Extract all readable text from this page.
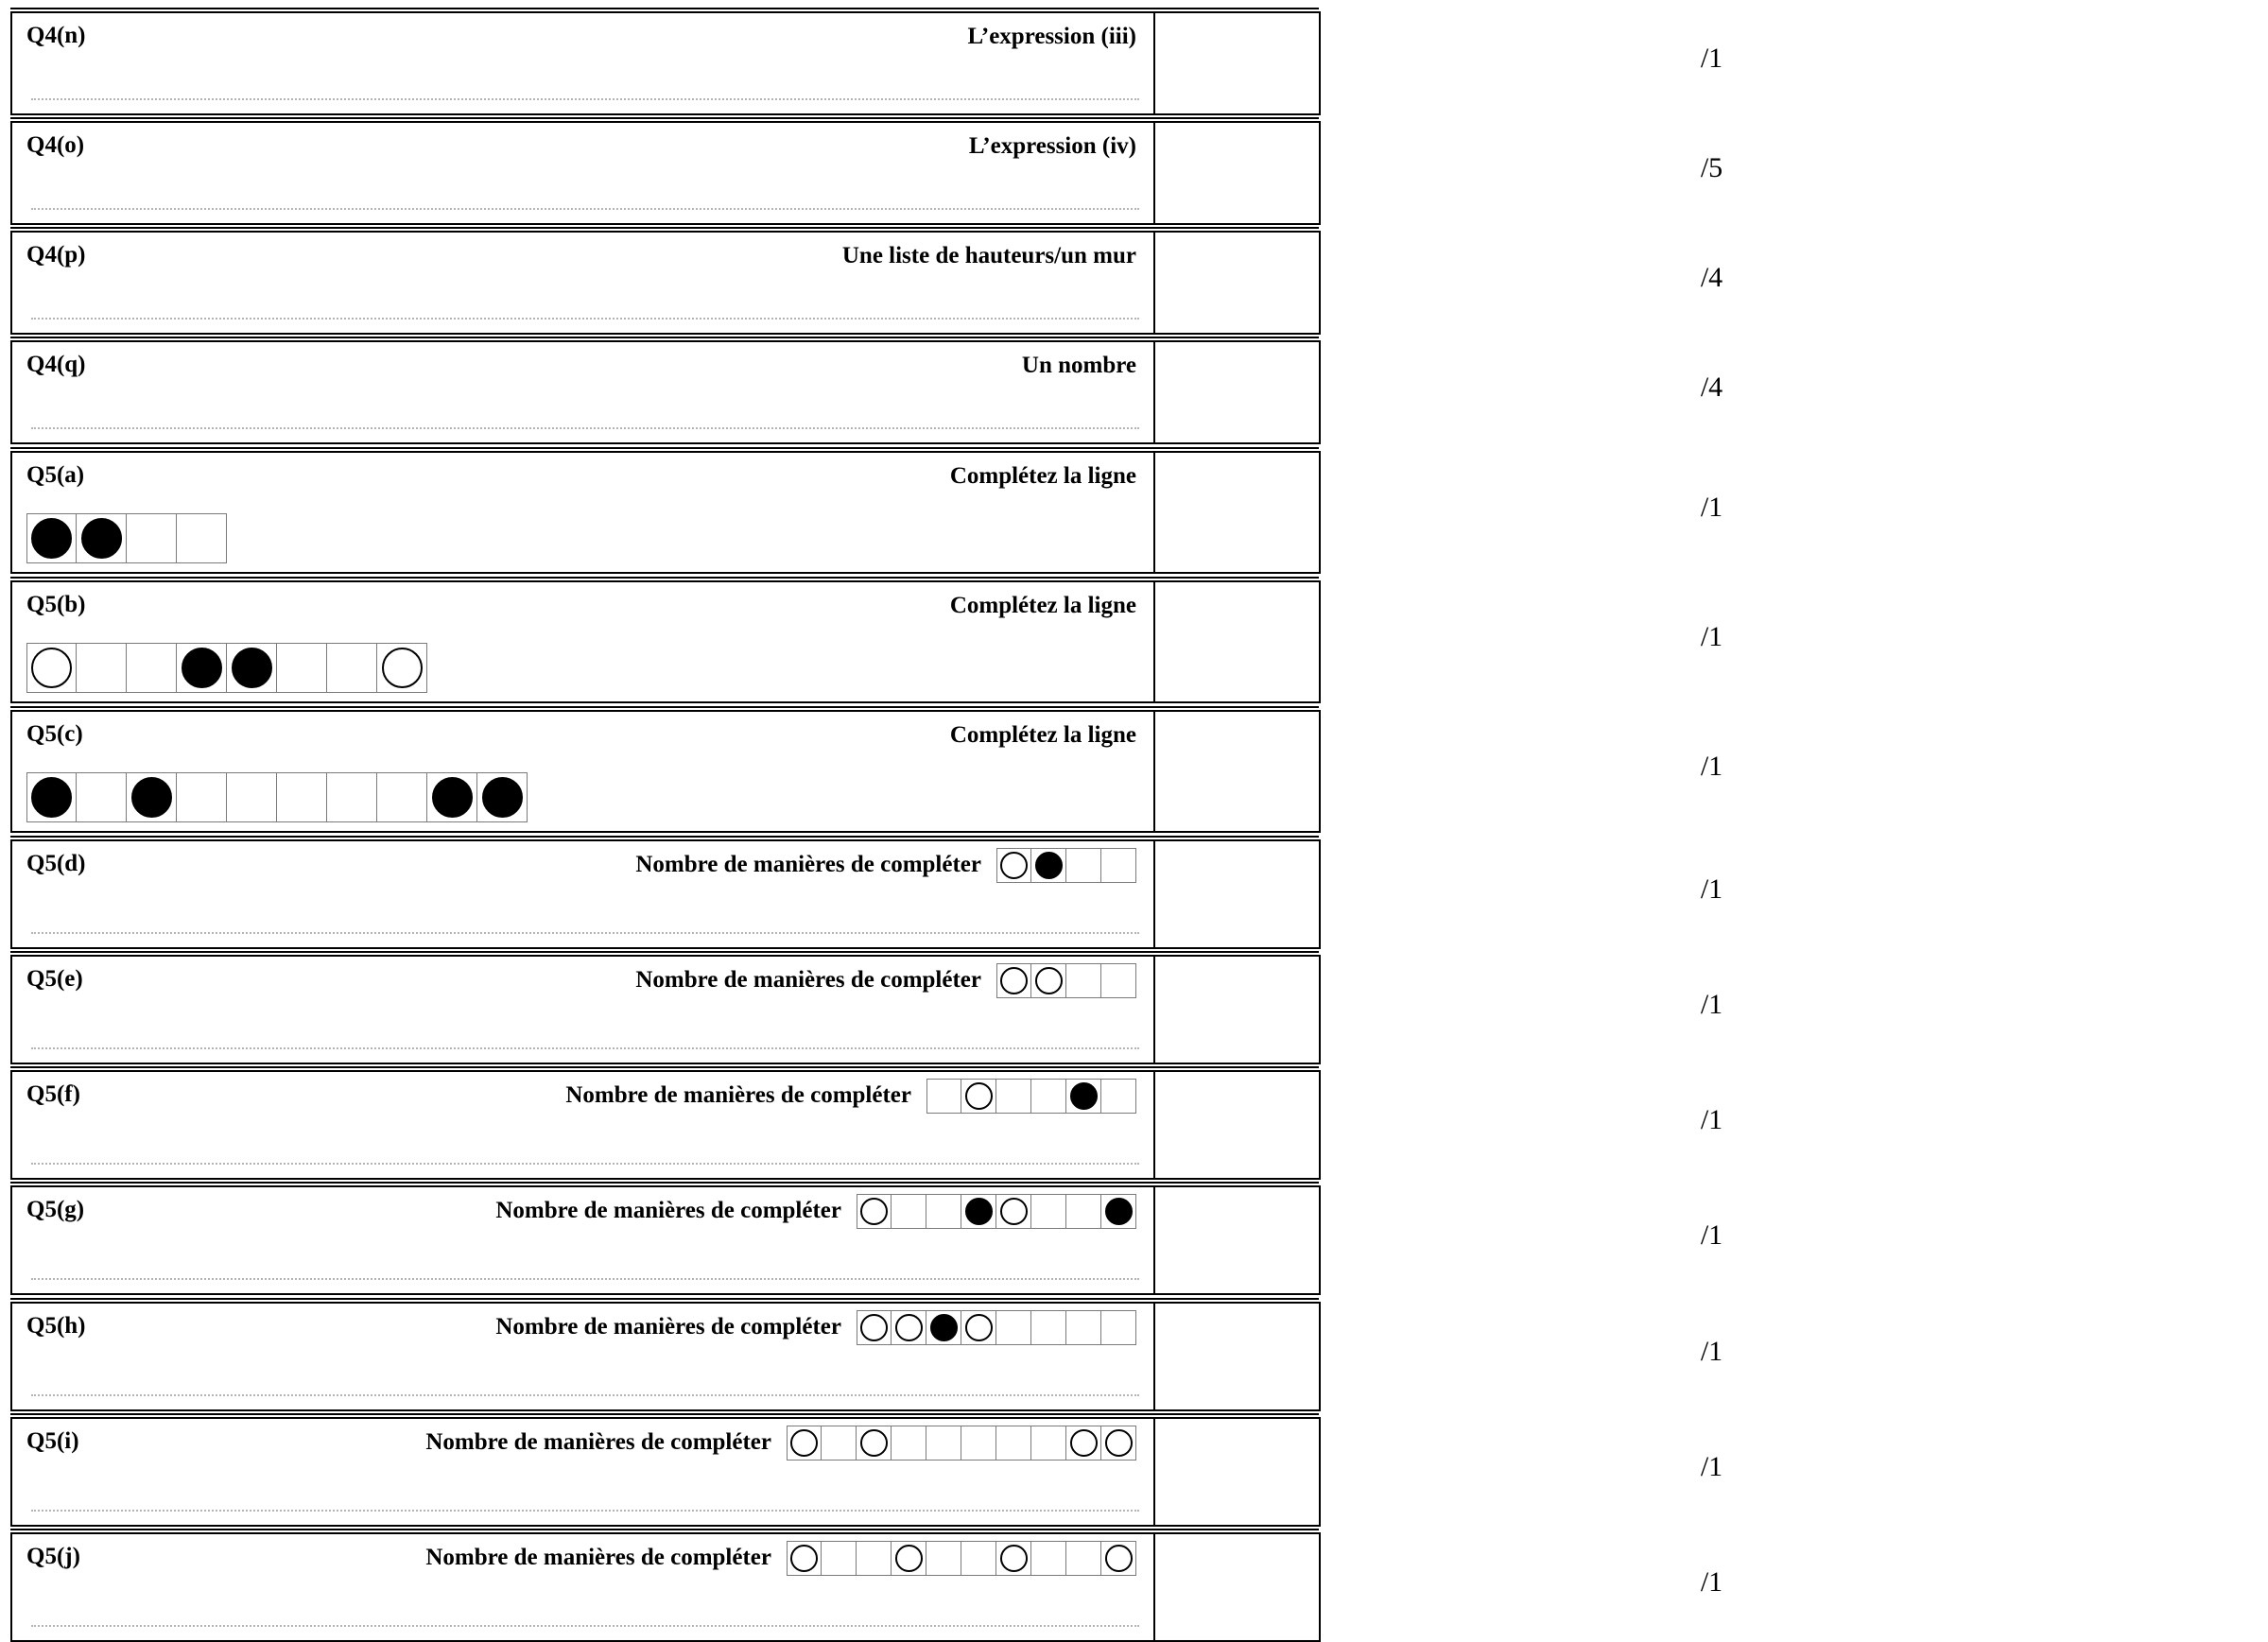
Q4(n)	L’expression (iii)
/1
Q4(o)	L’expression (iv)
/5
Q4(p)	Une liste de hauteurs/un mur
/4
Q4(q)	Un nombre
/4
Q5(a)	Complétez la ligne
/1
Q5(b)	Complétez la ligne
/1
Q5(c)	Complétez la ligne
/1
Q5(d)	Nombre de manières de compléter
/1
Q5(e)	Nombre de manières de compléter
/1
Q5(f)	Nombre de manières de compléter
/1
Q5(g)	Nombre de manières de compléter
/1
Q5(h)	Nombre de manières de compléter
/1
Q5(i)	Nombre de manières de compléter
/1
Q5(j)	Nombre de manières de compléter
/1
